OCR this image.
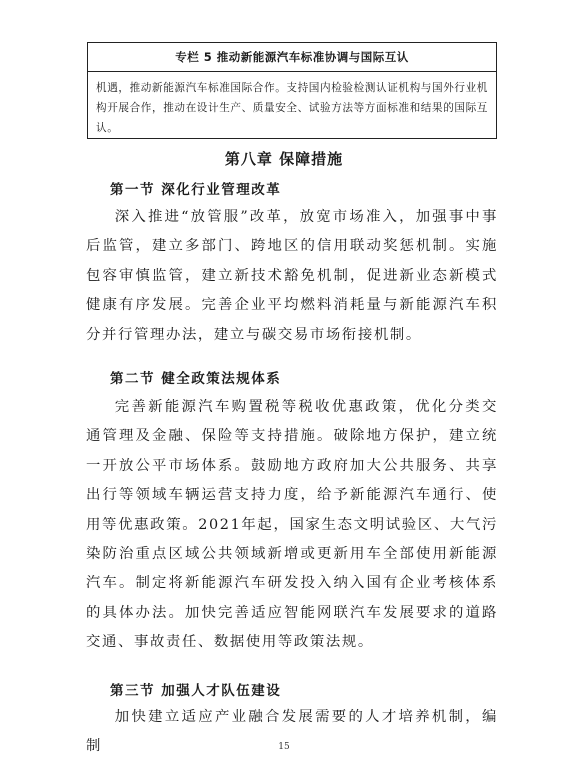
专栏 5 推动新能源汽车标准协调与国际互认
机遇，推动新能源汽车标准国际合作。支持国内检验检测认证机构与国外行业机构开展合作，推动在设计生产、质量安全、试验方法等方面标准和结果的国际互认。
第八章 保障措施
第一节 深化行业管理改革
深入推进“放管服”改革，放宽市场准入，加强事中事后监管，建立多部门、跨地区的信用联动奖惩机制。实施包容审慎监管，建立新技术豁免机制，促进新业态新模式健康有序发展。完善企业平均燃料消耗量与新能源汽车积分并行管理办法，建立与碳交易市场衔接机制。
第二节 健全政策法规体系
完善新能源汽车购置税等税收优惠政策，优化分类交通管理及金融、保险等支持措施。破除地方保护，建立统一开放公平市场体系。鼓励地方政府加大公共服务、共享出行等领域车辆运营支持力度，给予新能源汽车通行、使用等优惠政策。2021年起，国家生态文明试验区、大气污染防治重点区域公共领域新增或更新用车全部使用新能源汽车。制定将新能源汽车研发投入纳入国有企业考核体系的具体办法。加快完善适应智能网联汽车发展要求的道路交通、事故责任、数据使用等政策法规。
第三节 加强人才队伍建设
加快建立适应产业融合发展需要的人才培养机制，编制	15
